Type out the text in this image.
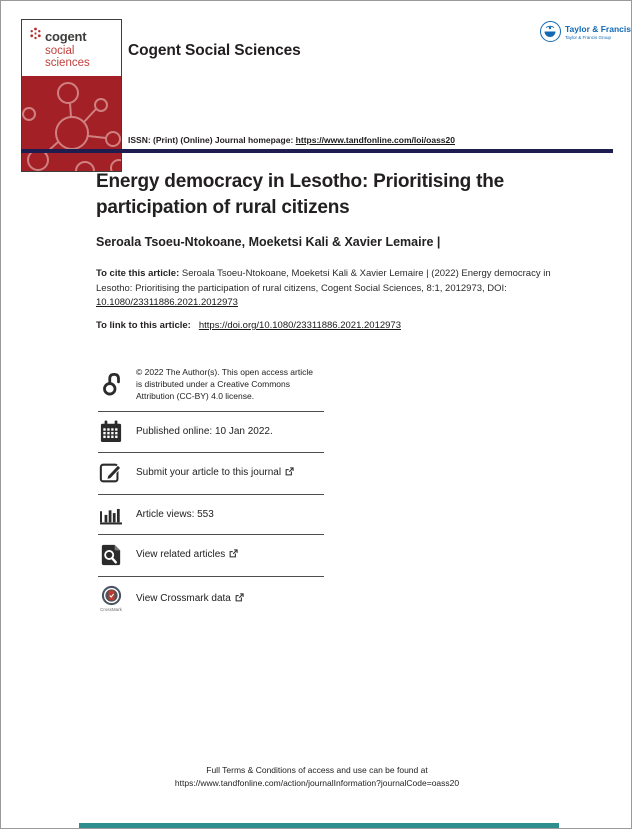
cogent
social
sciences
Cogent Social Sciences
Taylor & Francis
Taylor & Francis Group
ISSN: (Print) (Online) Journal homepage: https://www.tandfonline.com/loi/oass20
Energy democracy in Lesotho: Prioritising the participation of rural citizens
Seroala Tsoeu-Ntokoane, Moeketsi Kali & Xavier Lemaire |
To cite this article: Seroala Tsoeu-Ntokoane, Moeketsi Kali & Xavier Lemaire | (2022) Energy democracy in Lesotho: Prioritising the participation of rural citizens, Cogent Social Sciences, 8:1, 2012973, DOI: 10.1080/23311886.2021.2012973
To link to this article: https://doi.org/10.1080/23311886.2021.2012973
© 2022 The Author(s). This open access article is distributed under a Creative Commons Attribution (CC-BY) 4.0 license.
Published online: 10 Jan 2022.
Submit your article to this journal
Article views: 553
View related articles
CrossMark
View Crossmark data
Full Terms & Conditions of access and use can be found at
https://www.tandfonline.com/action/journalInformation?journalCode=oass20
